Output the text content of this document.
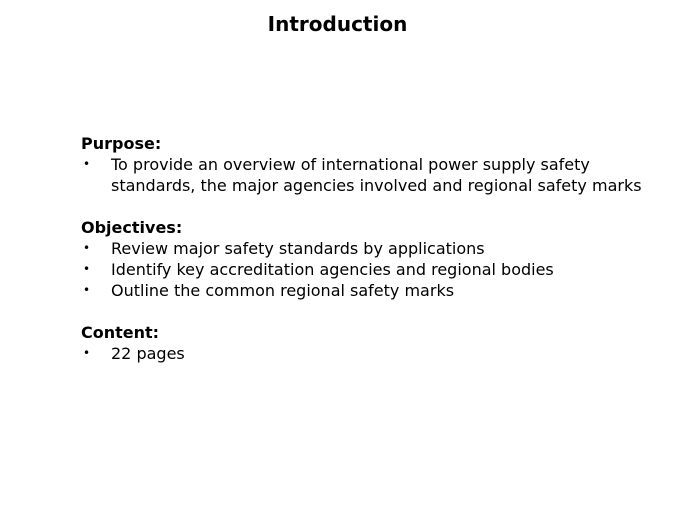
Introduction
Purpose:
• To provide an overview of international power supply safety standards, the major agencies involved and regional safety marks
Objectives:
• Review major safety standards by applications
• Identify key accreditation agencies and regional bodies
• Outline the common regional safety marks
Content:
• 22 pages
